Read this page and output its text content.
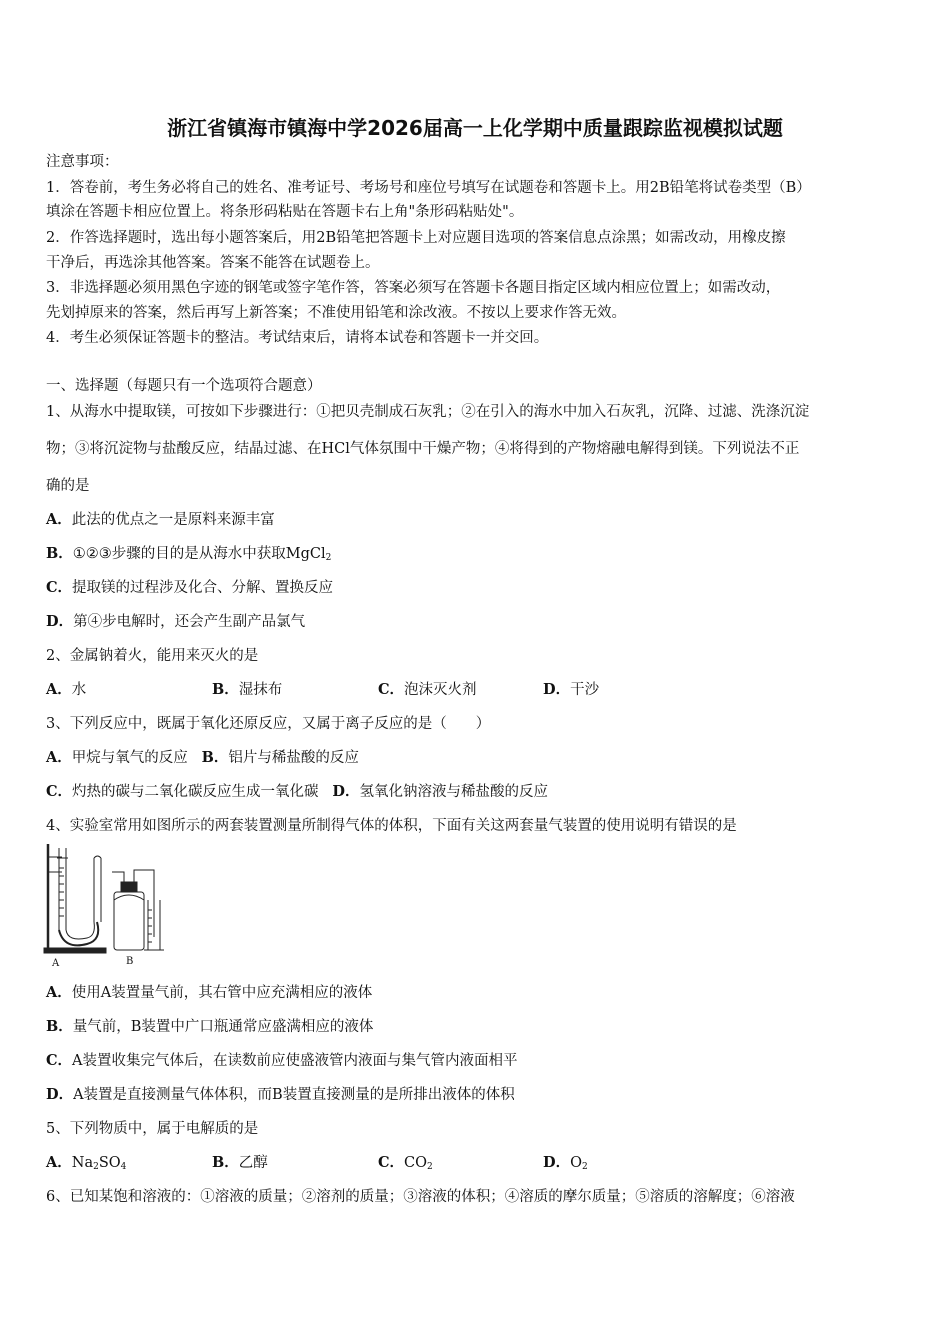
浙江省镇海市镇海中学2026届高一上化学期中质量跟踪监视模拟试题
注意事项：
1．答卷前，考生务必将自己的姓名、准考证号、考场号和座位号填写在试题卷和答题卡上。用2B铅笔将试卷类型（B）
填涂在答题卡相应位置上。将条形码粘贴在答题卡右上角"条形码粘贴处"。
2．作答选择题时，选出每小题答案后，用2B铅笔把答题卡上对应题目选项的答案信息点涂黑；如需改动，用橡皮擦
干净后，再选涂其他答案。答案不能答在试题卷上。
3．非选择题必须用黑色字迹的钢笔或签字笔作答，答案必须写在答题卡各题目指定区域内相应位置上；如需改动，
先划掉原来的答案，然后再写上新答案；不准使用铅笔和涂改液。不按以上要求作答无效。
4．考生必须保证答题卡的整洁。考试结束后，请将本试卷和答题卡一并交回。
一、选择题（每题只有一个选项符合题意）
1、从海水中提取镁，可按如下步骤进行：①把贝壳制成石灰乳；②在引入的海水中加入石灰乳，沉降、过滤、洗涤沉淀
物；③将沉淀物与盐酸反应，结晶过滤、在HCl气体氛围中干燥产物；④将得到的产物熔融电解得到镁。下列说法不正
确的是
A．此法的优点之一是原料来源丰富
B．①②③步骤的目的是从海水中获取MgCl$_2$
C．提取镁的过程涉及化合、分解、置换反应
D．第④步电解时，还会产生副产品氯气
2、金属钠着火，能用来灭火的是
A．水	B．湿抹布	C．泡沫灭火剂	D．干沙
3、下列反应中，既属于氧化还原反应，又属于离子反应的是（　　）
A．甲烷与氧气的反应 B．铝片与稀盐酸的反应
C．灼热的碳与二氧化碳反应生成一氧化碳 D．氢氧化钠溶液与稀盐酸的反应
4、实验室常用如图所示的两套装置测量所制得气体的体积，下面有关这两套量气装置的使用说明有错误的是
A	B
A．使用A装置量气前，其右管中应充满相应的液体
B．量气前，B装置中广口瓶通常应盛满相应的液体
C．A装置收集完气体后，在读数前应使盛液管内液面与集气管内液面相平
D．A装置是直接测量气体体积，而B装置直接测量的是所排出液体的体积
5、下列物质中，属于电解质的是
A．$Na_2SO_4$	B．乙醇	C．$CO_2$	D．$O_2$
6、已知某饱和溶液的：①溶液的质量；②溶剂的质量；③溶液的体积；④溶质的摩尔质量；⑤溶质的溶解度；⑥溶液
